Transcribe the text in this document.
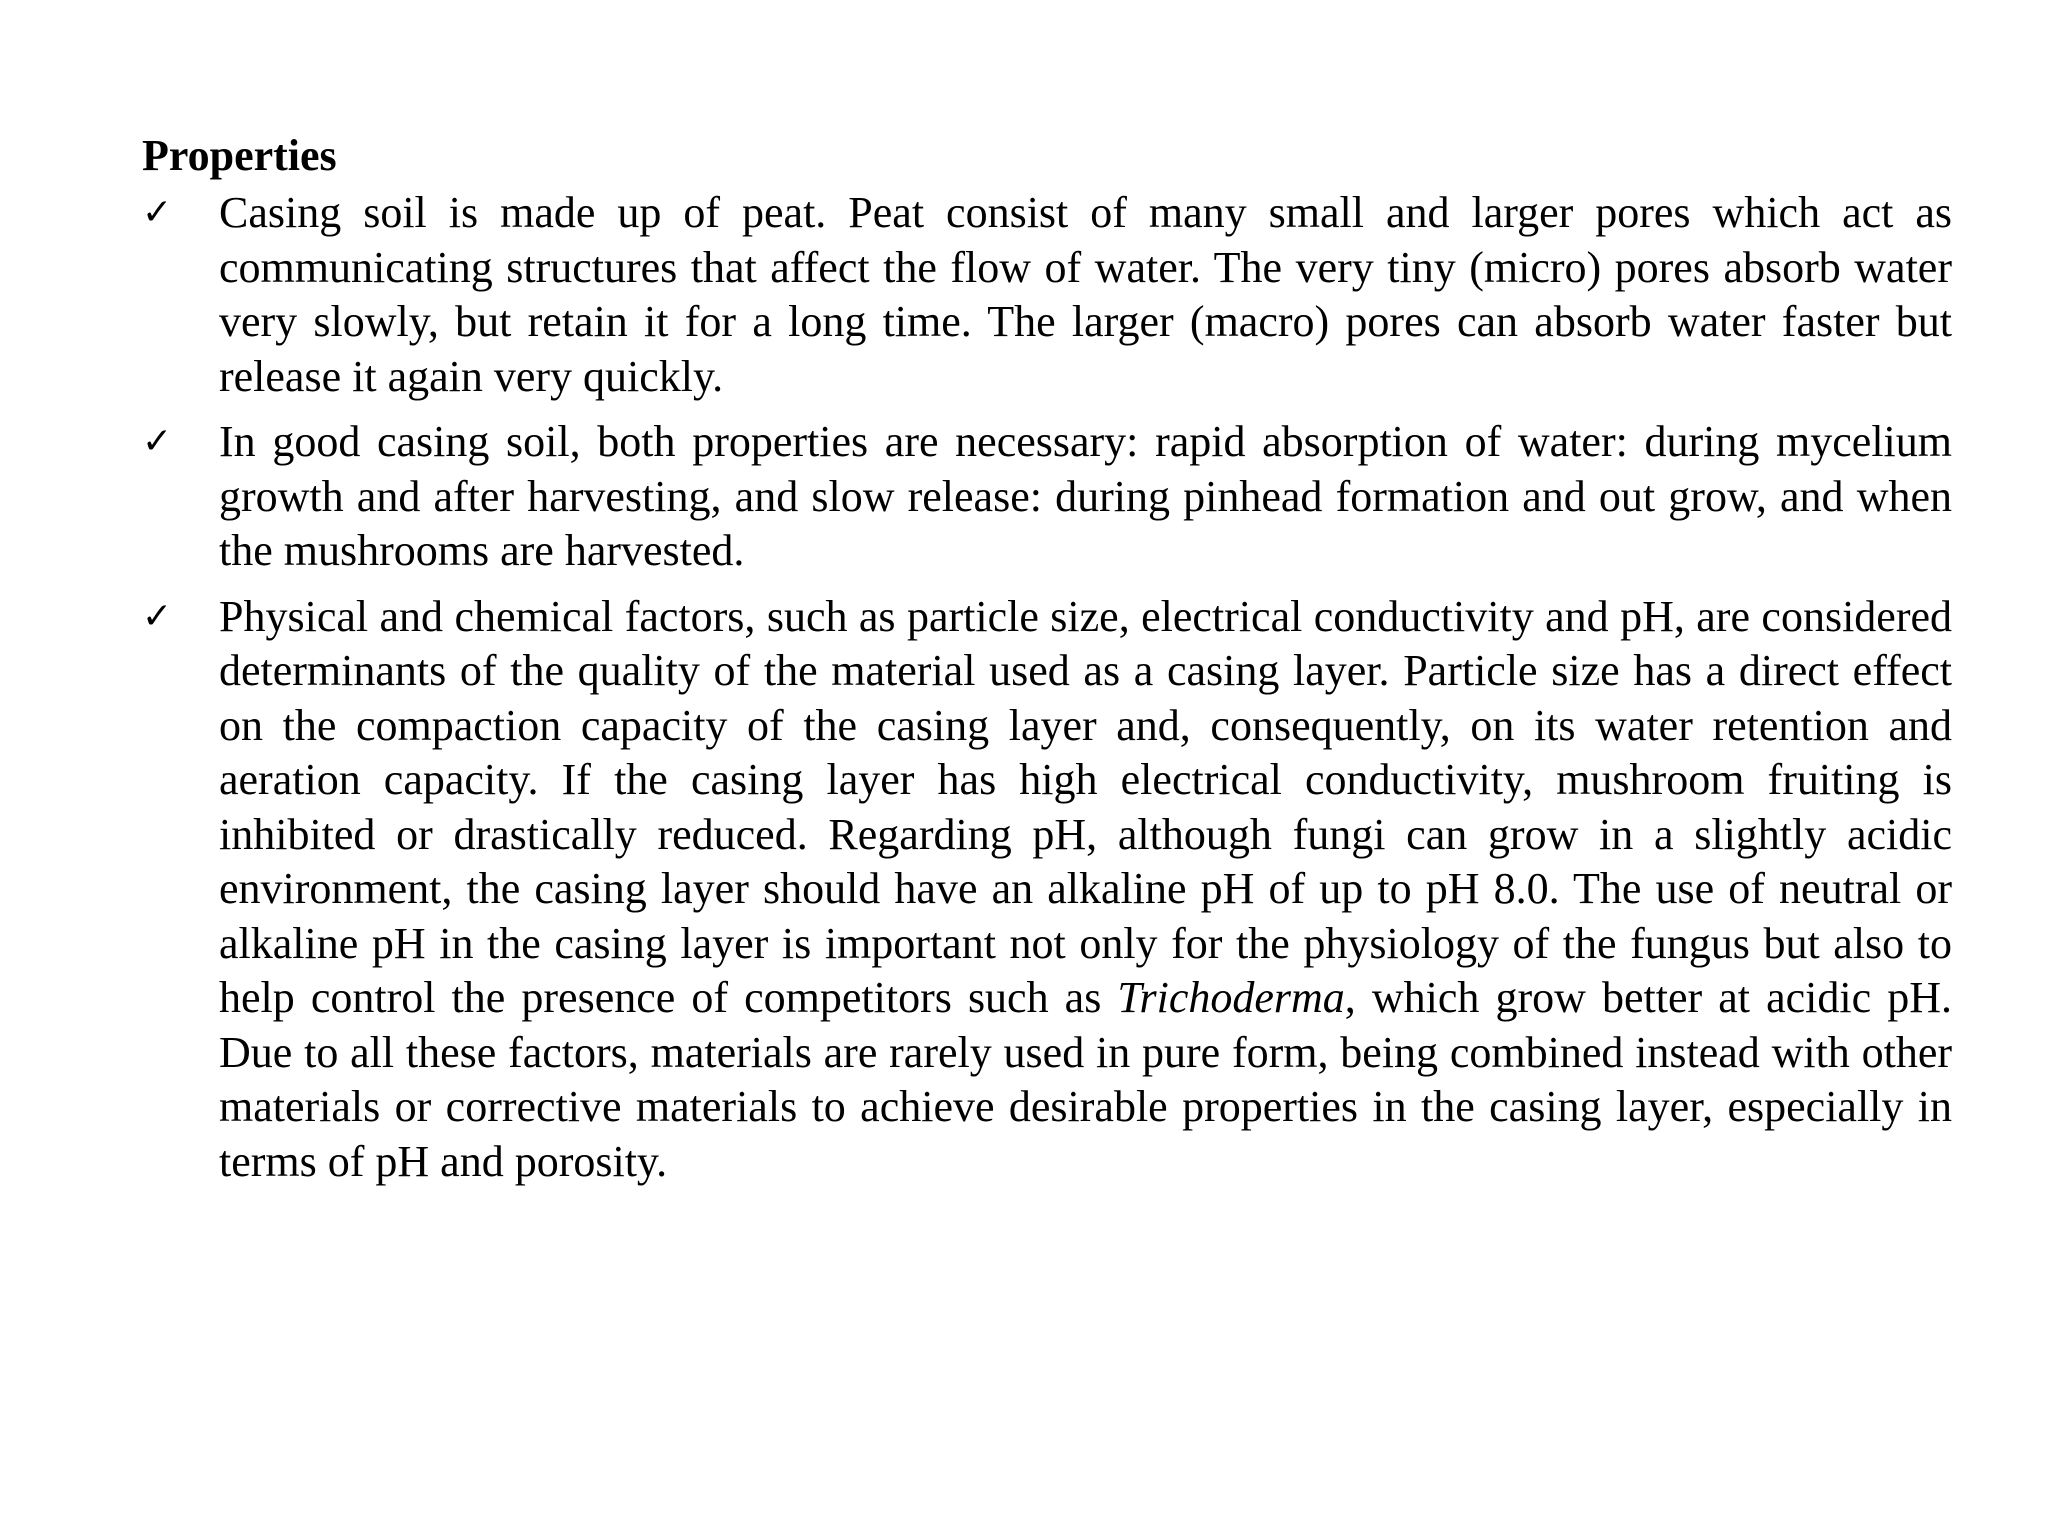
Properties
✓	Casing soil is made up of peat. Peat consist of many small and larger pores which act as communicating structures that affect the flow of water. The very tiny (micro) pores absorb water very slowly, but retain it for a long time. The larger (macro) pores can absorb water faster but release it again very quickly.
✓	In good casing soil, both properties are necessary: rapid absorption of water: during mycelium growth and after harvesting, and slow release: during pinhead formation and out grow, and when the mushrooms are harvested.
✓	Physical and chemical factors, such as particle size, electrical conductivity and pH, are considered determinants of the quality of the material used as a casing layer. Particle size has a direct effect on the compaction capacity of the casing layer and, consequently, on its water retention and aeration capacity. If the casing layer has high electrical conductivity, mushroom fruiting is inhibited or drastically reduced. Regarding pH, although fungi can grow in a slightly acidic environment, the casing layer should have an alkaline pH of up to pH 8.0. The use of neutral or alkaline pH in the casing layer is important not only for the physiology of the fungus but also to help control the presence of competitors such as Trichoderma, which grow better at acidic pH. Due to all these factors, materials are rarely used in pure form, being combined instead with other materials or corrective materials to achieve desirable properties in the casing layer, especially in terms of pH and porosity.
